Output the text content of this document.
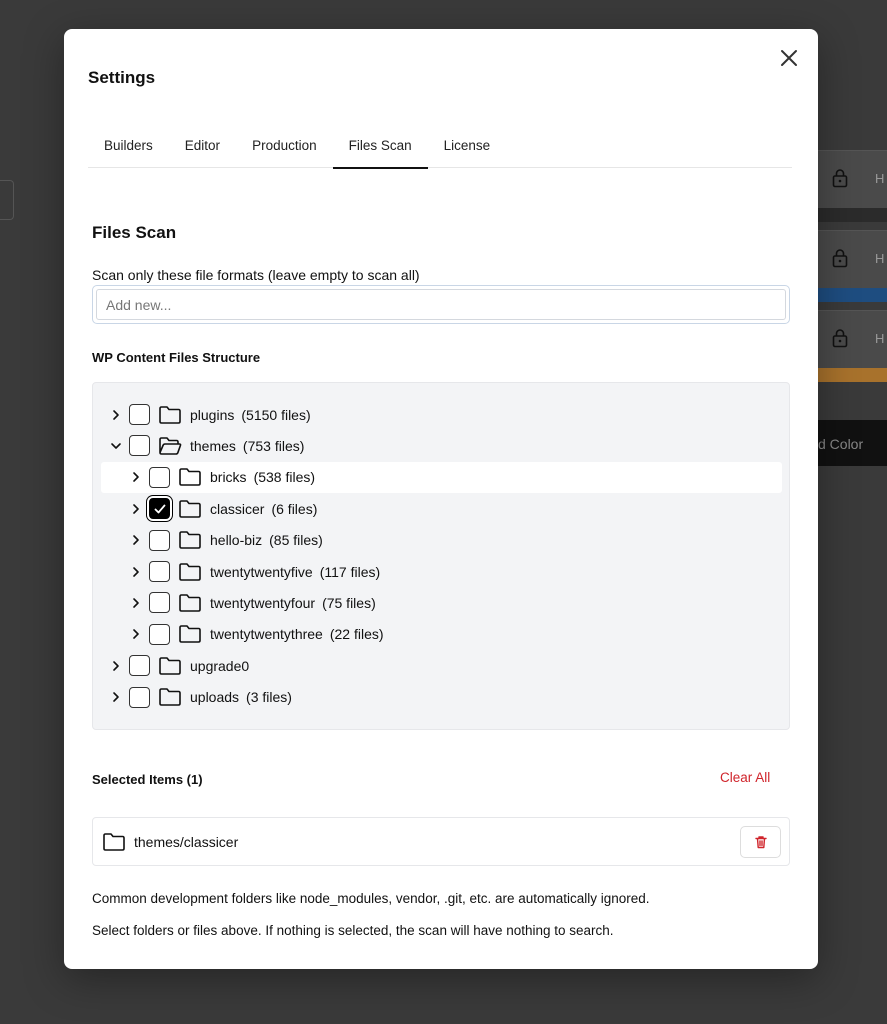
H
H
H
d Color
Settings
Builders	Editor	Production	Files Scan	License
Files Scan
Scan only these file formats (leave empty to scan all)
Add new...
WP Content Files Structure
plugins (5150 files)
themes (753 files)
bricks (538 files)
classicer (6 files)
hello-biz (85 files)
twentytwentyfive (117 files)
twentytwentyfour (75 files)
twentytwentythree (22 files)
upgrade0
uploads (3 files)
Selected Items (1)	Clear All
themes/classicer
Common development folders like node_modules, vendor, .git, etc. are automatically ignored.
Select folders or files above. If nothing is selected, the scan will have nothing to search.
